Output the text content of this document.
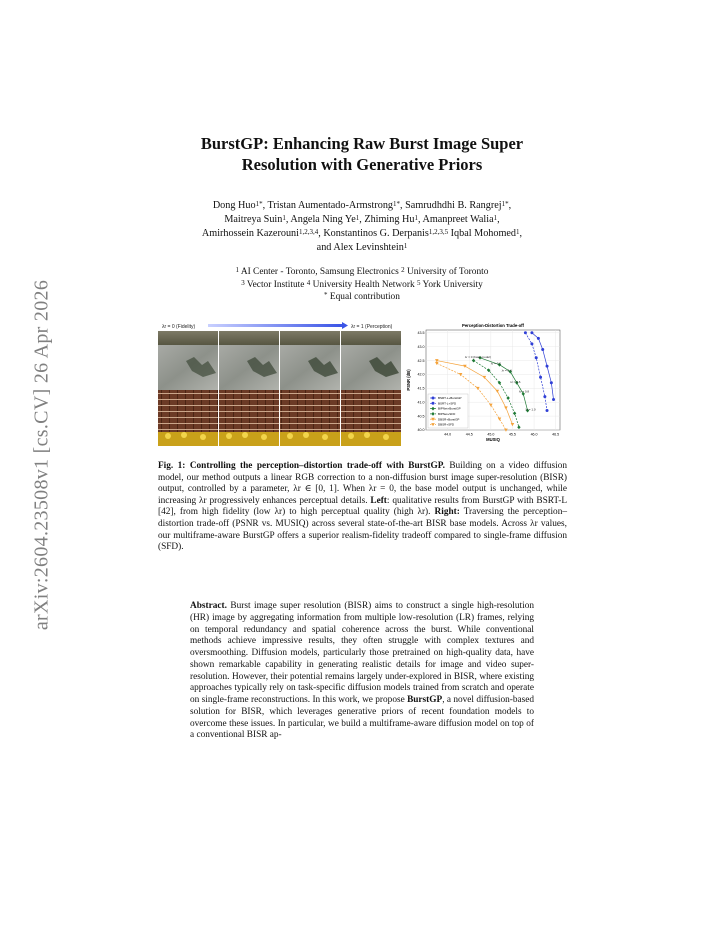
arXiv:2604.23508v1 [cs.CV] 26 Apr 2026
BurstGP: Enhancing Raw Burst Image Super
Resolution with Generative Priors
Dong Huo$^{1*}$, Tristan Aumentado-Armstrong$^{1*}$, Samrudhdhi B. Rangrej$^{1*}$,
Maitreya Suin$^1$, Angela Ning Ye$^1$, Zhiming Hu$^1$, Amanpreet Walia$^1$,
Amirhossein Kazerouni$^{1,2,3,4}$, Konstantinos G. Derpanis$^{1,2,3,5}$ Iqbal Mohomed$^1$,
and Alex Levinshtein$^1$
$^1$ AI Center - Toronto, Samsung Electronics $^2$ University of Toronto
$^3$ Vector Institute $^4$ University Health Network $^5$ York University
* Equal contribution
λr = 0 (Fidelity)	λr = 1 (Perception)	Perception-Distortion Trade-off
44.0	44.5	45.0	45.5	46.0	46.5
40.0
40.5
41.0
41.5
42.0
42.5
43.0
43.5
MUSIQ
PSNR (dB)
λr = 0 (base model)
λr = 0.2
λr = 0.4
λr = 0.6
λr = 0.8
λr = 1.0
BSRT-L+BurstGP
BSRT-L+SFD
BIPNet+BurstGP
BIPNet+SFD
DBSR+BurstGP
DBSR+SFD
Fig. 1: Controlling the perception–distortion trade-off with BurstGP. Building on a video diffusion model, our method outputs a linear RGB correction to a non-diffusion burst image super-resolution (BISR) output, controlled by a parameter, λr ∈ [0, 1]. When λr = 0, the base model output is unchanged, while increasing λr progressively enhances perceptual details. Left: qualitative results from BurstGP with BSRT-L [42], from high fidelity (low λr) to high perceptual quality (high λr). Right: Traversing the perception–distortion trade-off (PSNR vs. MUSIQ) across several state-of-the-art BISR base models. Across λr values, our multiframe-aware BurstGP offers a superior realism-fidelity tradeoff compared to single-frame diffusion (SFD).
Abstract. Burst image super resolution (BISR) aims to construct a single high-resolution (HR) image by aggregating information from multiple low-resolution (LR) frames, relying on temporal redundancy and spatial coherence across the burst. While conventional methods achieve impressive results, they often struggle with complex textures and oversmoothing. Diffusion models, particularly those pretrained on high-quality data, have shown remarkable capability in generating realistic details for image and video super-resolution. However, their potential remains largely under-explored in BISR, where existing approaches typically rely on task-specific diffusion models trained from scratch and operate on single-frame reconstructions. In this work, we propose BurstGP, a novel diffusion-based solution for BISR, which leverages generative priors of recent foundation models to overcome these issues. In particular, we build a multiframe-aware diffusion model on top of a conventional BISR ap-
